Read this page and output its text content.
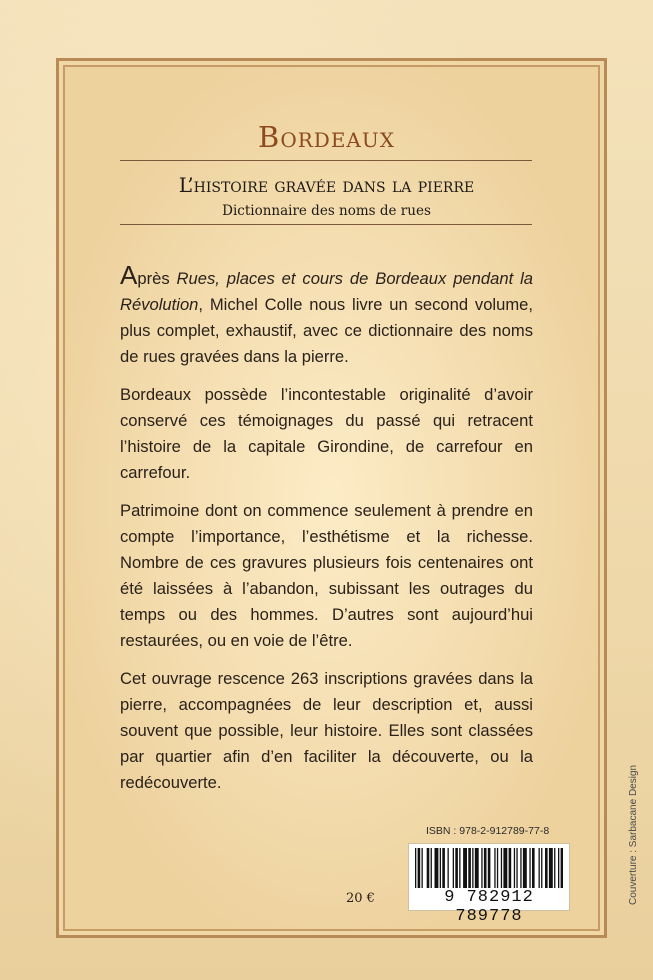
Bordeaux
L’histoire gravée dans la pierre
Dictionnaire des noms de rues

Après Rues, places et cours de Bordeaux pendant la Révolution, Michel Colle nous livre un second volume, plus complet, exhaustif, avec ce dictionnaire des noms de rues gravées dans la pierre.

Bordeaux possède l’incontestable originalité d’avoir conservé ces témoignages du passé qui retracent l’histoire de la capitale Girondine, de carrefour en carrefour.

Patrimoine dont on commence seulement à prendre en compte l’importance, l’esthétisme et la richesse. Nombre de ces gravures plusieurs fois centenaires ont été laissées à l’abandon, subissant les outrages du temps ou des hommes. D’autres sont aujourd’hui restaurées, ou en voie de l’être.

Cet ouvrage rescence 263 inscriptions gravées dans la pierre, accompagnées de leur description et, aussi souvent que possible, leur histoire. Elles sont classées par quartier afin d’en faciliter la découverte, ou la redécouverte.

ISBN : 978-2-912789-77-8
9 782912 789778
20 €	Couverture : Sarbacane Design
